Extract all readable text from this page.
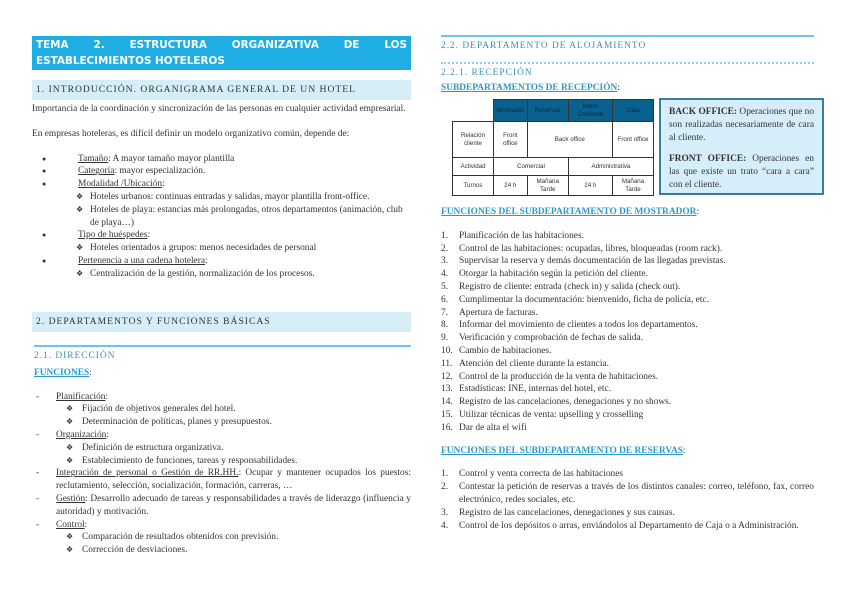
TEMA 2. ESTRUCTURA ORGANIZATIVA DE LOS
ESTABLECIMIENTOS HOTELEROS
1. INTRODUCCIÓN. ORGANIGRAMA GENERAL DE UN HOTEL

Importancia de la coordinación y sincronización de las personas en cualquier actividad empresarial.

En empresas hoteleras, es difícil definir un modelo organizativo común, depende de:

● Tamaño: A mayor tamaño mayor plantilla
● Categoría: mayor especialización.
● Modalidad /Ubicación:
❖ Hoteles urbanos: continuas entradas y salidas, mayor plantilla front-office.
❖ Hoteles de playa: estancias más prolongadas, otros departamentos (animación, club de playa…)
● Tipo de huéspedes:
❖ Hoteles orientados a grupos: menos necesidades de personal
● Pertenencia a una cadena hotelera:
❖ Centralización de la gestión, normalización de los procesos.
2. DEPARTAMENTOS Y FUNCIONES BÁSICAS
2.1. DIRECCIÓN
FUNCIONES:
- Planificación:
❖ Fijación de objetivos generales del hotel.
❖ Determinación de políticas, planes y presupuestos.
- Organización:
❖ Definición de estructura organizativa.
❖ Establecimiento de funciones, tareas y responsabilidades.
- Integración de personal o Gestión de RR.HH.: Ocupar y mantener ocupados los puestos: reclutamiento, selección, socialización, formación, carreras, …
- Gestión: Desarrollo adecuado de tareas y responsabilidades a través de liderazgo (influencia y autoridad) y motivación.
- Control:
❖ Comparación de resultados obtenidos con previsión.
❖ Corrección de desviaciones.
2.2. DEPARTAMENTO DE ALOJAMIENTO
2.2.1. RECEPCIÓN
SUBDEPARTAMENTOS DE RECEPCIÓN:
	Mostrador	Reservas	Mano Corriente	Caja
Relación cliente	Front office	Back office		Front office
Actividad	Comercial		Administrativa	
Turnos	24 h	Mañana Tarde	24 h	Mañana Tarde

BACK OFFICE: Operaciones que no son realizadas necesariamente de cara al cliente.

FRONT OFFICE: Operaciones en las que existe un trato “cara a cara” con el cliente.

FUNCIONES DEL SUBDEPARTAMENTO DE MOSTRADOR:
1. Planificación de las habitaciones.
2. Control de las habitaciones: ocupadas, libres, bloqueadas (room rack).
3. Supervisar la reserva y demás documentación de las llegadas previstas.
4. Otorgar la habitación según la petición del cliente.
5. Registro de cliente: entrada (check in) y salida (check out).
6. Cumplimentar la documentación: bienvenido, ficha de policía, etc.
7. Apertura de facturas.
8. Informar del movimiento de clientes a todos los departamentos.
9. Verificación y comprobación de fechas de salida.
10. Cambio de habitaciones.
11. Atención del cliente durante la estancia.
12. Control de la producción de la venta de habitaciones.
13. Estadísticas: INE, internas del hotel, etc.
14. Registro de las cancelaciones, denegaciones y no shows.
15. Utilizar técnicas de venta: upselling y crosselling
16. Dar de alta el wifi
FUNCIONES DEL SUBDEPARTAMENTO DE RESERVAS:
1. Control y venta correcta de las habitaciones
2. Contestar la petición de reservas a través de los distintos canales: correo, teléfono, fax, correo electrónico, redes sociales, etc.
3. Registro de las cancelaciones, denegaciones y sus causas.
4. Control de los depósitos o arras, enviándolos al Departamento de Caja o a Administración.
